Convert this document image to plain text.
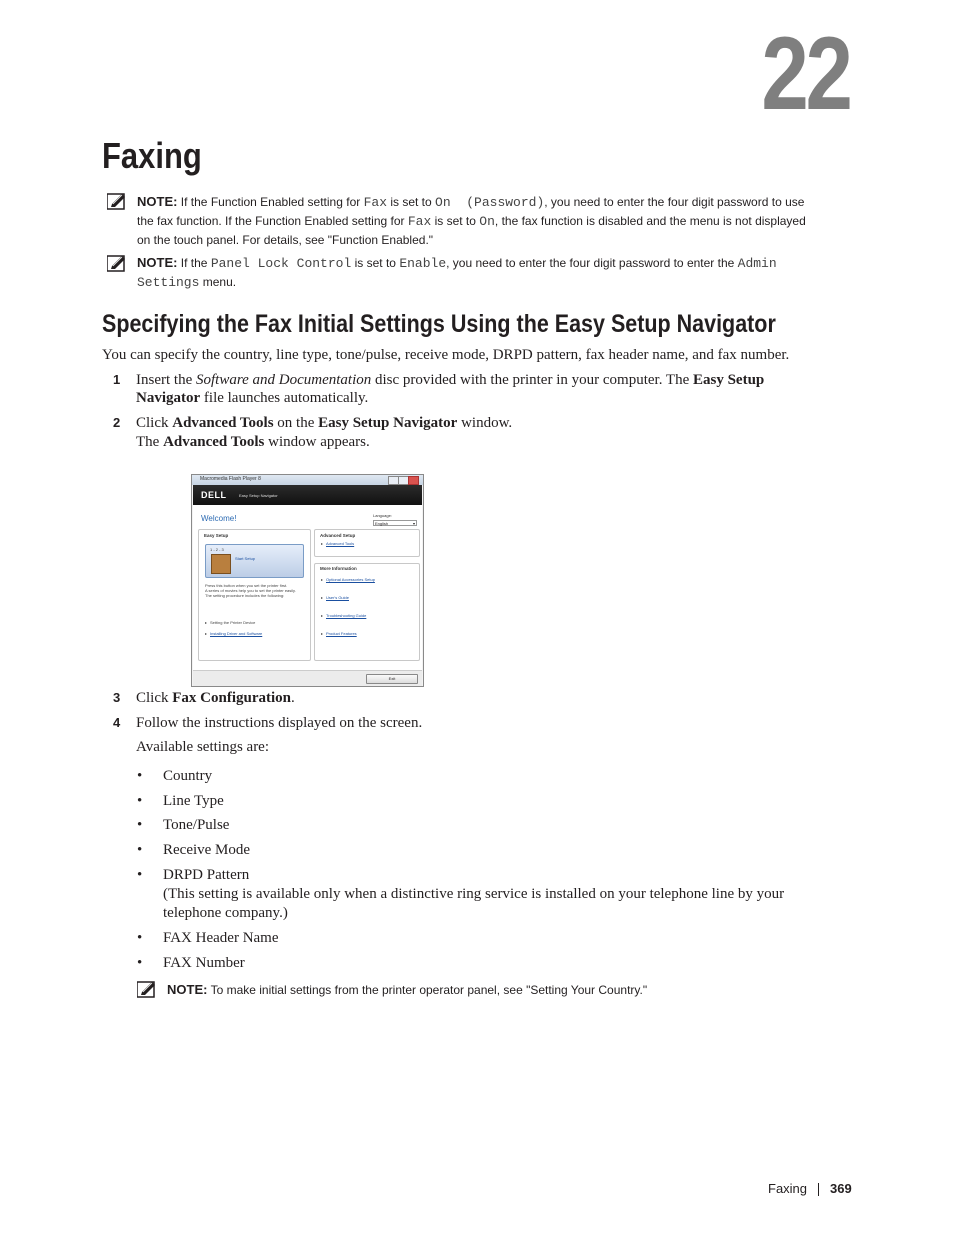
22
Faxing
NOTE: If the Function Enabled setting for Fax is set to On  (Password), you need to enter the four digit password to use
the fax function. If the Function Enabled setting for Fax is set to On, the fax function is disabled and the menu is not displayed
on the touch panel. For details, see "Function Enabled."
NOTE: If the Panel Lock Control is set to Enable, you need to enter the four digit password to enter the Admin
Settings menu.
Specifying the Fax Initial Settings Using the Easy Setup Navigator
You can specify the country, line type, tone/pulse, receive mode, DRPD pattern, fax header name, and fax number.
1 Insert the Software and Documentation disc provided with the printer in your computer. The Easy Setup
Navigator file launches automatically.
2 Click Advanced Tools on the Easy Setup Navigator window.
The Advanced Tools window appears.
Macromedia Flash Player 8
DELL	Easy Setup Navigator
Welcome!	Language:
English	▾
Easy Setup
1 - 2 - 3
Start Setup
Press this button when you set the printer first.
A series of movies help you to set the printer easily.
The setting procedure includes the following:
▸ Setting the Printer Device
▸ Installing Driver and Software
Advanced Setup
▸ Advanced Tools
More Information
▸ Optional Accessories Setup
▸ User's Guide
▸ Troubleshooting Guide
▸ Product Features
Exit
3 Click Fax Configuration.
4 Follow the instructions displayed on the screen.
Available settings are:
• Country
• Line Type
• Tone/Pulse
• Receive Mode
• DRPD Pattern
(This setting is available only when a distinctive ring service is installed on your telephone line by your
telephone company.)
• FAX Header Name
• FAX Number
NOTE: To make initial settings from the printer operator panel, see "Setting Your Country."
Faxing 369
